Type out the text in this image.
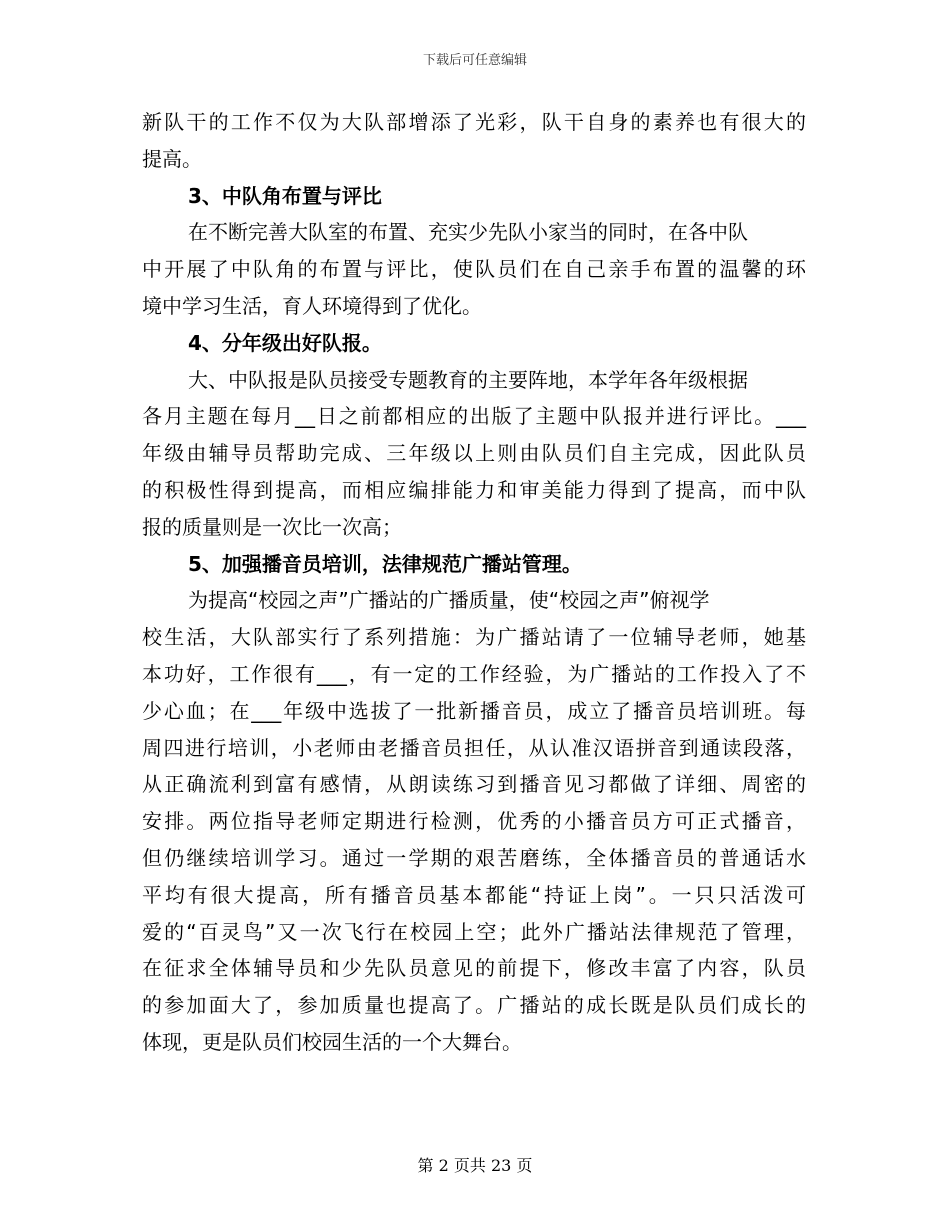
下载后可任意编辑
新队干的工作不仅为大队部增添了光彩，队干自身的素养也有很大的
提高。
3、中队角布置与评比
在不断完善大队室的布置、充实少先队小家当的同时，在各中队
中开展了中队角的布置与评比，使队员们在自己亲手布置的温馨的环
境中学习生活，育人环境得到了优化。
4、分年级出好队报。
大、中队报是队员接受专题教育的主要阵地，本学年各年级根据
各月主题在每月__日之前都相应的出版了主题中队报并进行评比。___
年级由辅导员帮助完成、三年级以上则由队员们自主完成，因此队员
的积极性得到提高，而相应编排能力和审美能力得到了提高，而中队
报的质量则是一次比一次高；
5、加强播音员培训，法律规范广播站管理。
为提高“校园之声”广播站的广播质量，使“校园之声”俯视学
校生活，大队部实行了系列措施：为广播站请了一位辅导老师，她基
本功好，工作很有___，有一定的工作经验，为广播站的工作投入了不
少心血；在___年级中选拔了一批新播音员，成立了播音员培训班。每
周四进行培训，小老师由老播音员担任，从认准汉语拼音到通读段落，
从正确流利到富有感情，从朗读练习到播音见习都做了详细、周密的
安排。两位指导老师定期进行检测，优秀的小播音员方可正式播音，
但仍继续培训学习。通过一学期的艰苦磨练，全体播音员的普通话水
平均有很大提高，所有播音员基本都能“持证上岗”。一只只活泼可
爱的“百灵鸟”又一次飞行在校园上空；此外广播站法律规范了管理，
在征求全体辅导员和少先队员意见的前提下，修改丰富了内容，队员
的参加面大了，参加质量也提高了。广播站的成长既是队员们成长的
体现，更是队员们校园生活的一个大舞台。
第 2 页共 23 页
